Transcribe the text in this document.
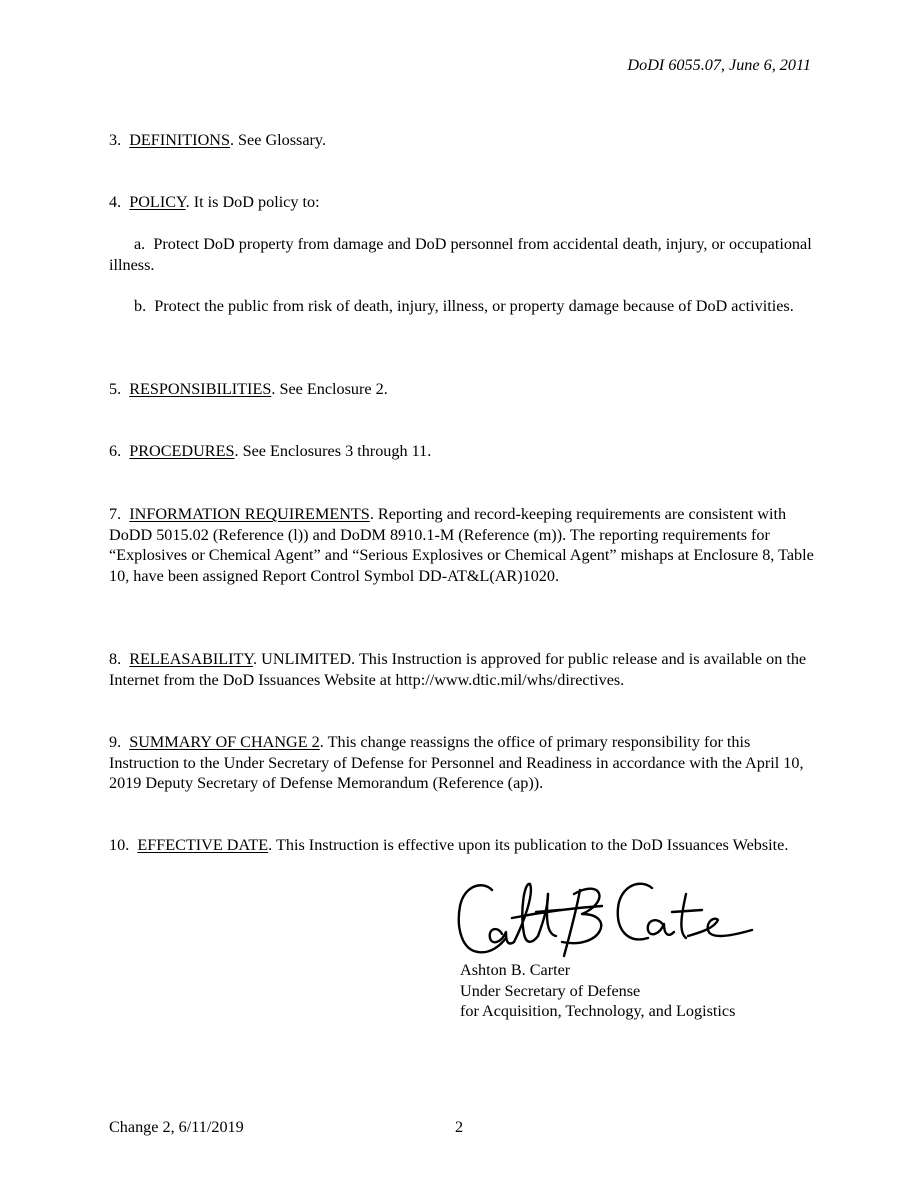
DoDI 6055.07, June 6, 2011
3. DEFINITIONS. See Glossary.
4. POLICY. It is DoD policy to:
a. Protect DoD property from damage and DoD personnel from accidental death, injury, or occupational illness.
b. Protect the public from risk of death, injury, illness, or property damage because of DoD activities.
5. RESPONSIBILITIES. See Enclosure 2.
6. PROCEDURES. See Enclosures 3 through 11.
7. INFORMATION REQUIREMENTS. Reporting and record-keeping requirements are consistent with DoDD 5015.02 (Reference (l)) and DoDM 8910.1-M (Reference (m)). The reporting requirements for “Explosives or Chemical Agent” and “Serious Explosives or Chemical Agent” mishaps at Enclosure 8, Table 10, have been assigned Report Control Symbol DD-AT&L(AR)1020.
8. RELEASABILITY. UNLIMITED. This Instruction is approved for public release and is available on the Internet from the DoD Issuances Website at http://www.dtic.mil/whs/directives.
9. SUMMARY OF CHANGE 2. This change reassigns the office of primary responsibility for this Instruction to the Under Secretary of Defense for Personnel and Readiness in accordance with the April 10, 2019 Deputy Secretary of Defense Memorandum (Reference (ap)).
10. EFFECTIVE DATE. This Instruction is effective upon its publication to the DoD Issuances Website.
Ashton B. Carter
Under Secretary of Defense
for Acquisition, Technology, and Logistics
Change 2, 6/11/2019	2
